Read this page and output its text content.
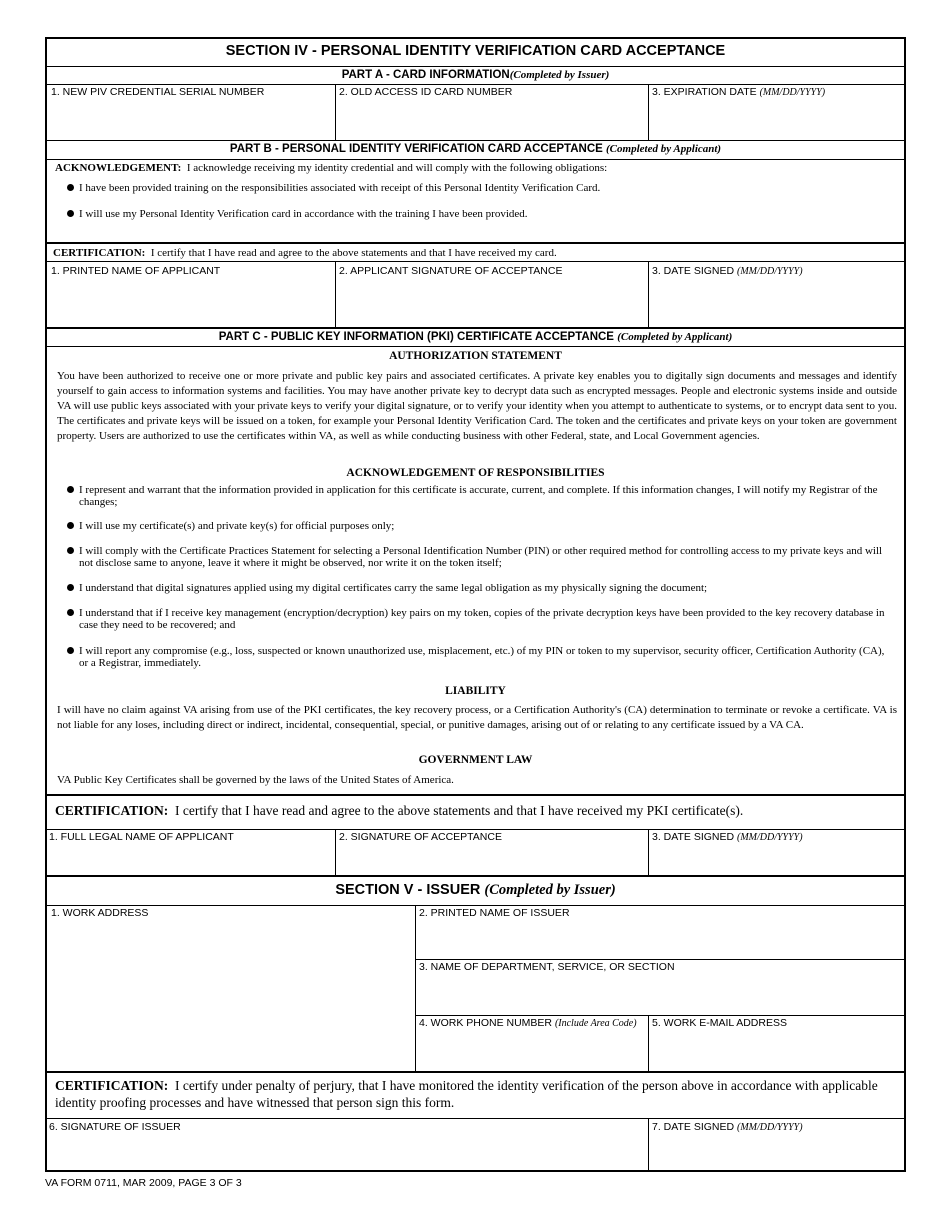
SECTION IV - PERSONAL IDENTITY VERIFICATION CARD ACCEPTANCE
PART A - CARD INFORMATION(Completed by Issuer)
1. NEW PIV CREDENTIAL SERIAL NUMBER	2. OLD ACCESS ID CARD NUMBER	3. EXPIRATION DATE (MM/DD/YYYY)
PART B - PERSONAL IDENTITY VERIFICATION CARD ACCEPTANCE (Completed by Applicant)
ACKNOWLEDGEMENT: I acknowledge receiving my identity credential and will comply with the following obligations:
I have been provided training on the responsibilities associated with receipt of this Personal Identity Verification Card.
I will use my Personal Identity Verification card in accordance with the training I have been provided.
CERTIFICATION: I certify that I have read and agree to the above statements and that I have received my card.
1. PRINTED NAME OF APPLICANT	2. APPLICANT SIGNATURE OF ACCEPTANCE	3. DATE SIGNED (MM/DD/YYYY)
PART C - PUBLIC KEY INFORMATION (PKI) CERTIFICATE ACCEPTANCE (Completed by Applicant)
AUTHORIZATION STATEMENT
You have been authorized to receive one or more private and public key pairs and associated certificates. A private key enables you to digitally sign documents and messages and identify yourself to gain access to information systems and facilities. You may have another private key to decrypt data such as encrypted messages. People and electronic systems inside and outside VA will use public keys associated with your private keys to verify your digital signature, or to verify your identity when you attempt to authenticate to systems, or to encrypt data sent to you. The certificates and private keys will be issued on a token, for example your Personal Identity Verification Card. The token and the certificates and private keys on your token are government property. Users are authorized to use the certificates within VA, as well as while conducting business with other Federal, state, and Local Government agencies.
ACKNOWLEDGEMENT OF RESPONSIBILITIES
I represent and warrant that the information provided in application for this certificate is accurate, current, and complete. If this information changes, I will notify my Registrar of the changes;
I will use my certificate(s) and private key(s) for official purposes only;
I will comply with the Certificate Practices Statement for selecting a Personal Identification Number (PIN) or other required method for controlling access to my private keys and will not disclose same to anyone, leave it where it might be observed, nor write it on the token itself;
I understand that digital signatures applied using my digital certificates carry the same legal obligation as my physically signing the document;
I understand that if I receive key management (encryption/decryption) key pairs on my token, copies of the private decryption keys have been provided to the key recovery database in case they need to be recovered; and
I will report any compromise (e.g., loss, suspected or known unauthorized use, misplacement, etc.) of my PIN or token to my supervisor, security officer, Certification Authority (CA), or a Registrar, immediately.
LIABILITY
I will have no claim against VA arising from use of the PKI certificates, the key recovery process, or a Certification Authority's (CA) determination to terminate or revoke a certificate. VA is not liable for any loses, including direct or indirect, incidental, consequential, special, or punitive damages, arising out of or relating to any certificate issued by a VA CA.
GOVERNMENT LAW
VA Public Key Certificates shall be governed by the laws of the United States of America.
CERTIFICATION: I certify that I have read and agree to the above statements and that I have received my PKI certificate(s).
1. FULL LEGAL NAME OF APPLICANT	2. SIGNATURE OF ACCEPTANCE	3. DATE SIGNED (MM/DD/YYYY)
SECTION V - ISSUER (Completed by Issuer)
1. WORK ADDRESS	2. PRINTED NAME OF ISSUER
3. NAME OF DEPARTMENT, SERVICE, OR SECTION
4. WORK PHONE NUMBER (Include Area Code) 5. WORK E-MAIL ADDRESS
CERTIFICATION: I certify under penalty of perjury, that I have monitored the identity verification of the person above in accordance with applicable identity proofing processes and have witnessed that person sign this form.
6. SIGNATURE OF ISSUER	7. DATE SIGNED (MM/DD/YYYY)
VA FORM 0711, MAR 2009, PAGE 3 OF 3
